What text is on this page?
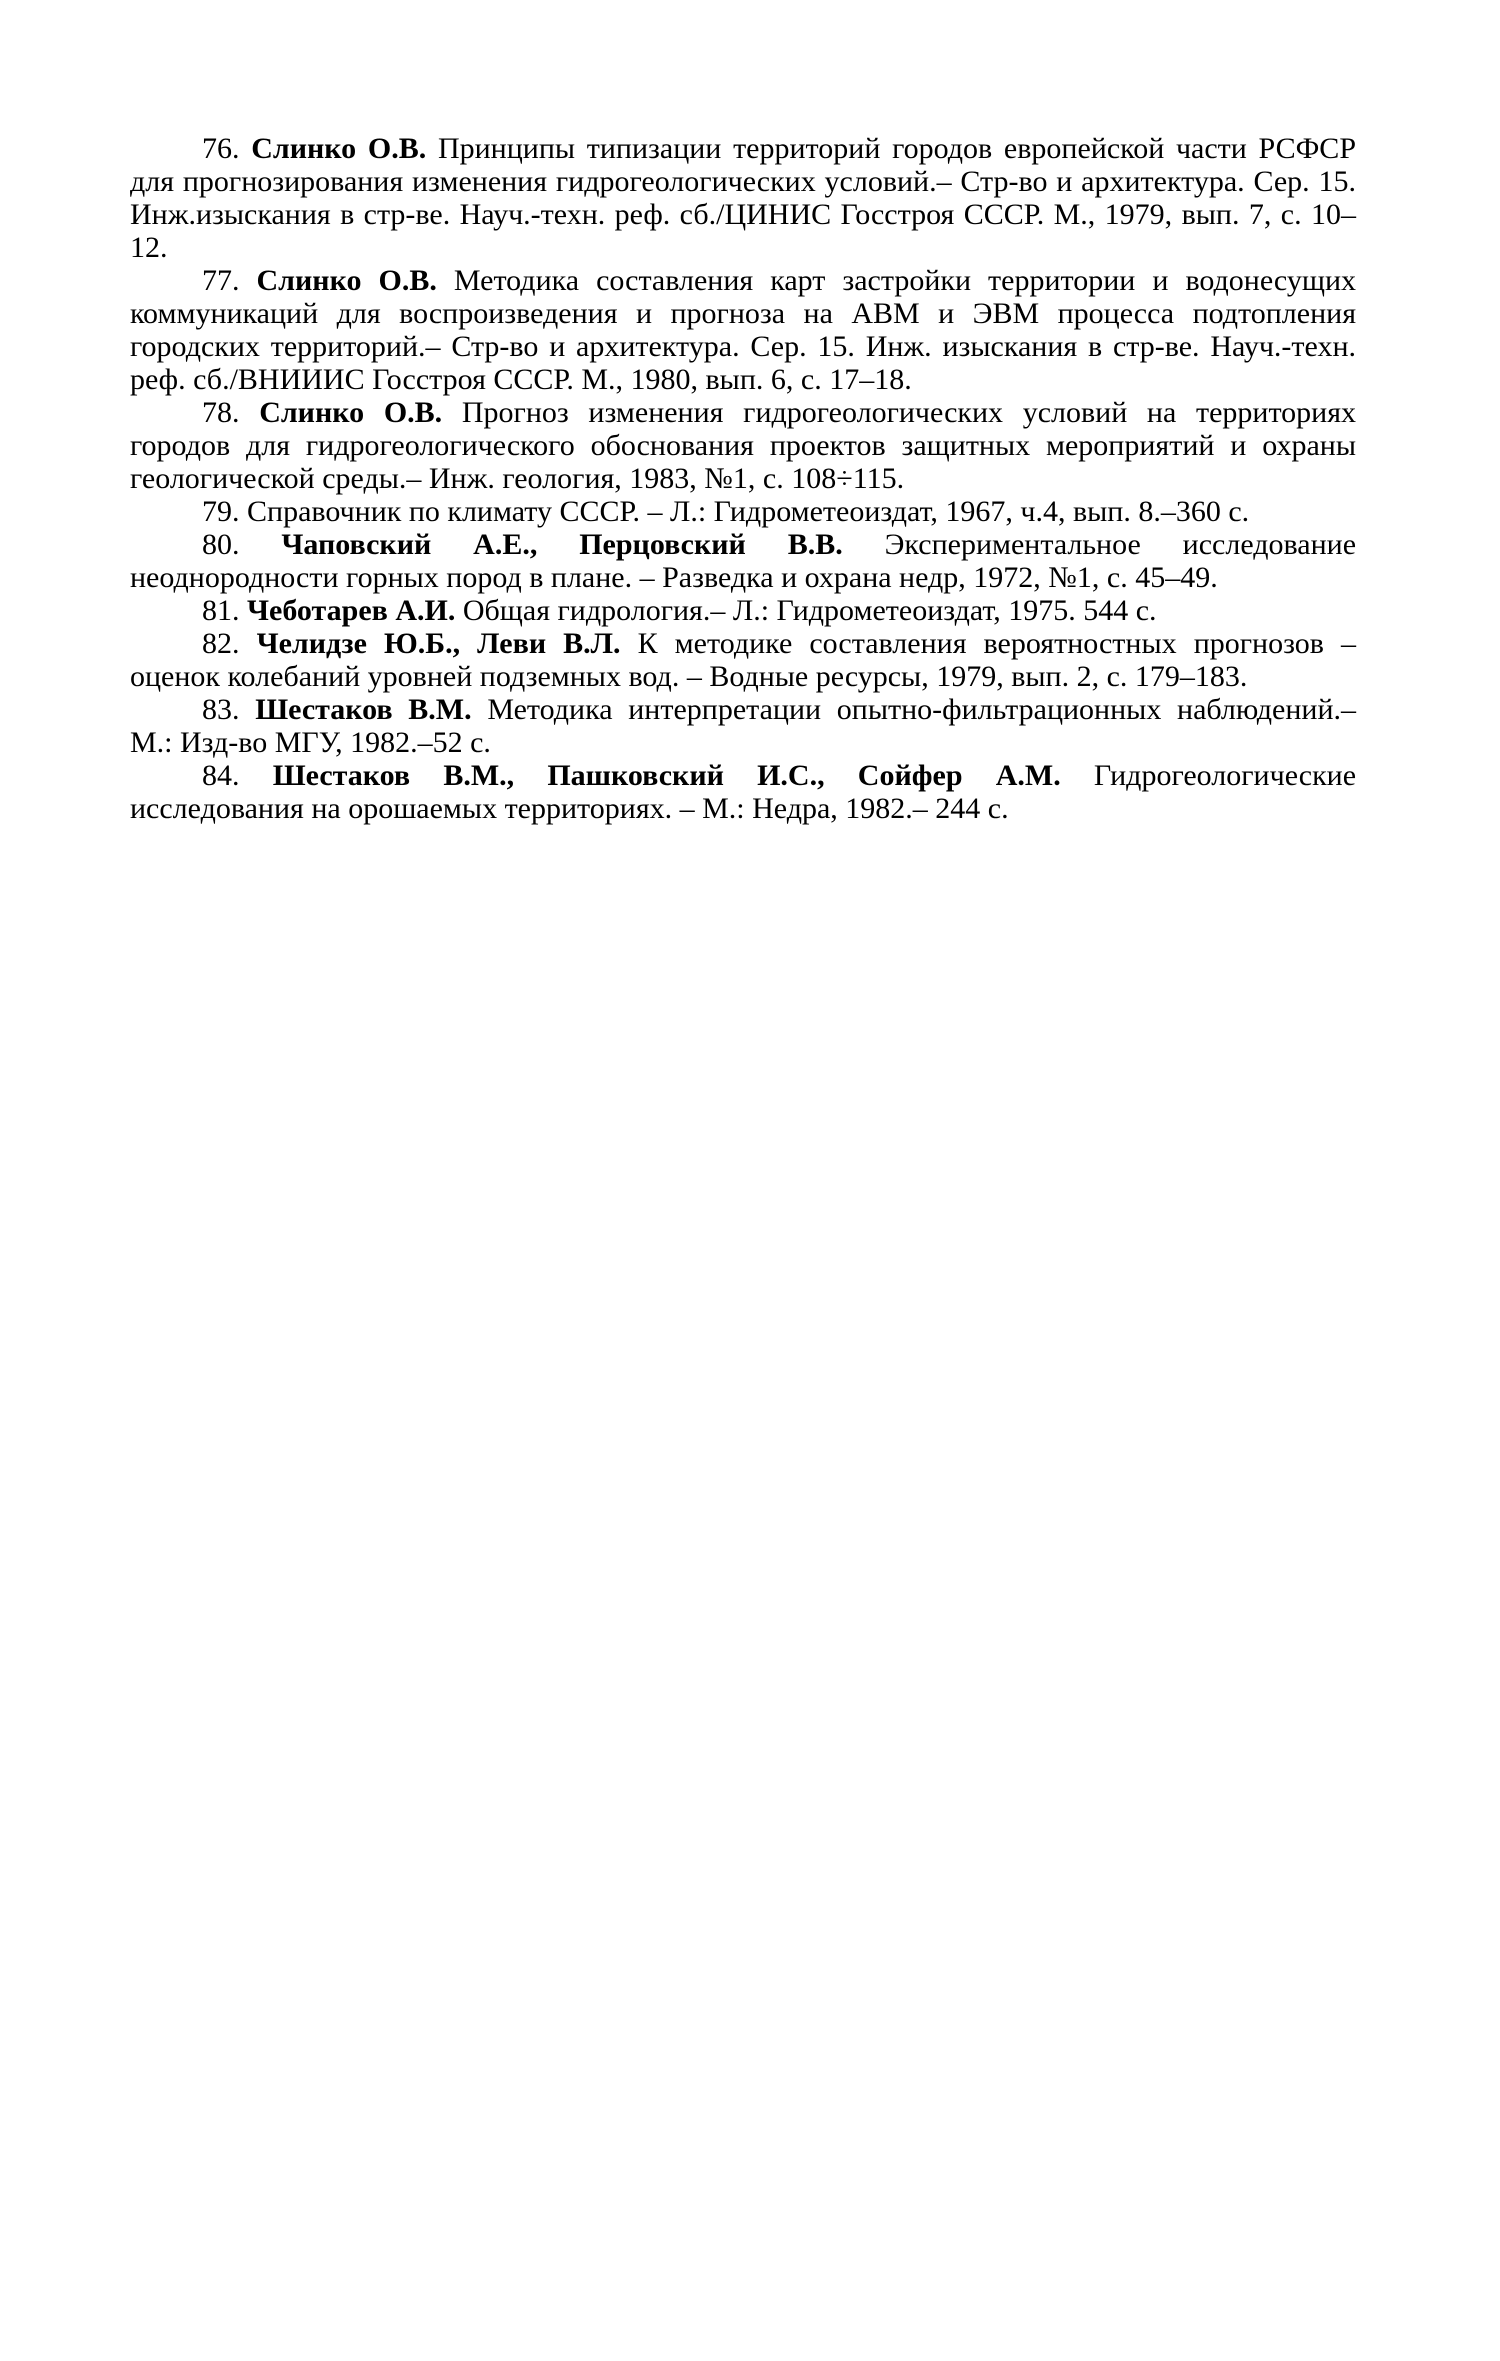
76. Слинко О.В. Принципы типизации территорий городов европейской части РСФСР для прогнозирования изменения гидрогеологических условий.– Стр-во и архитектура. Сер. 15. Инж.изыскания в стр-ве. Науч.-техн. реф. сб./ЦИНИС Госстроя СССР. М., 1979, вып. 7, с. 10–12.

77. Слинко О.В. Методика составления карт застройки территории и водонесущих коммуникаций для воспроизведения и прогноза на АВМ и ЭВМ процесса подтопления городских территорий.– Стр-во и архитектура. Сер. 15. Инж. изыскания в стр-ве. Науч.-техн. реф. сб./ВНИИИС Госстроя СССР. М., 1980, вып. 6, с. 17–18.

78. Слинко О.В. Прогноз изменения гидрогеологических условий на территориях городов для гидрогеологического обоснования проектов защитных мероприятий и охраны геологической среды.– Инж. геология, 1983, №1, с. 108÷115.

79. Справочник по климату СССР. – Л.: Гидрометеоиздат, 1967, ч.4, вып. 8.–360 с.

80. Чаповский А.Е., Перцовский В.В. Экспериментальное исследование неоднородности горных пород в плане. – Разведка и охрана недр, 1972, №1, с. 45–49.

81. Чеботарев А.И. Общая гидрология.– Л.: Гидрометеоиздат, 1975. 544 с.

82. Челидзе Ю.Б., Леви В.Л. К методике составления вероятностных прогнозов – оценок колебаний уровней подземных вод. – Водные ресурсы, 1979, вып. 2, с. 179–183.

83. Шестаков В.М. Методика интерпретации опытно-фильтрационных наблюдений.– М.: Изд-во МГУ, 1982.–52 с.

84. Шестаков В.М., Пашковский И.С., Сойфер А.М. Гидрогеологические исследования на орошаемых территориях. – М.: Недра, 1982.– 244 с.
